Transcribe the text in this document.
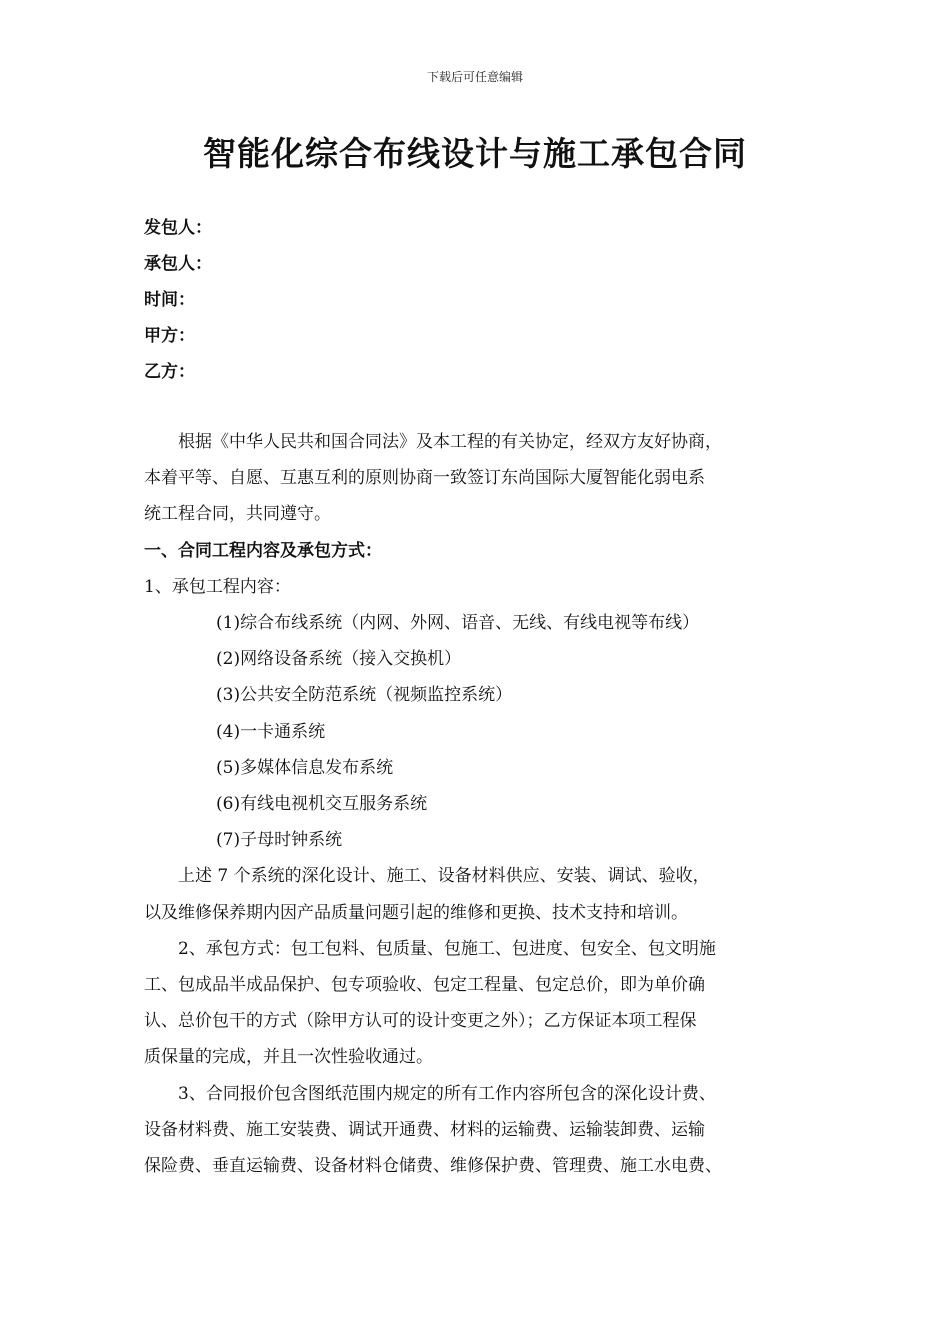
下载后可任意编辑
智能化综合布线设计与施工承包合同
发包人：
承包人：
时间：
甲方：
乙方：
根据《中华人民共和国合同法》及本工程的有关协定，经双方友好协商，
本着平等、自愿、互惠互利的原则协商一致签订东尚国际大厦智能化弱电系
统工程合同，共同遵守。
一、合同工程内容及承包方式：
1、承包工程内容：
(1)综合布线系统（内网、外网、语音、无线、有线电视等布线）
(2)网络设备系统（接入交换机）
(3)公共安全防范系统（视频监控系统）
(4)一卡通系统
(5)多媒体信息发布系统
(6)有线电视机交互服务系统
(7)子母时钟系统
上述 7 个系统的深化设计、施工、设备材料供应、安装、调试、验收，
以及维修保养期内因产品质量问题引起的维修和更换、技术支持和培训。
2、承包方式：包工包料、包质量、包施工、包进度、包安全、包文明施
工、包成品半成品保护、包专项验收、包定工程量、包定总价，即为单价确
认、总价包干的方式（除甲方认可的设计变更之外）；乙方保证本项工程保
质保量的完成，并且一次性验收通过。
3、合同报价包含图纸范围内规定的所有工作内容所包含的深化设计费、
设备材料费、施工安装费、调试开通费、材料的运输费、运输装卸费、运输
保险费、垂直运输费、设备材料仓储费、维修保护费、管理费、施工水电费、
